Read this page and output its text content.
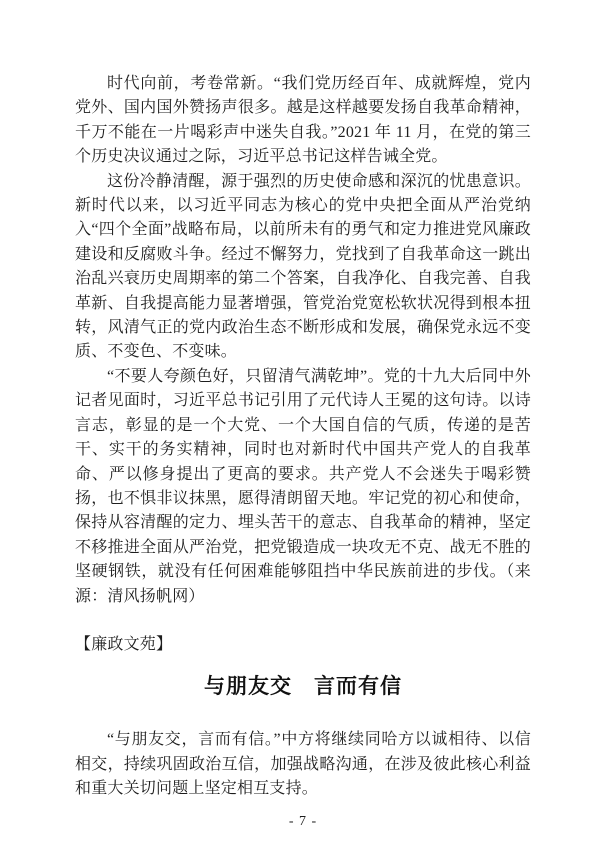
时代向前，考卷常新。“我们党历经百年、成就辉煌，党内党外、国内国外赞扬声很多。越是这样越要发扬自我革命精神，千万不能在一片喝彩声中迷失自我。”2021 年 11 月，在党的第三个历史决议通过之际，习近平总书记这样告诫全党。

这份冷静清醒，源于强烈的历史使命感和深沉的忧患意识。新时代以来，以习近平同志为核心的党中央把全面从严治党纳入“四个全面”战略布局，以前所未有的勇气和定力推进党风廉政建设和反腐败斗争。经过不懈努力，党找到了自我革命这一跳出治乱兴衰历史周期率的第二个答案，自我净化、自我完善、自我革新、自我提高能力显著增强，管党治党宽松软状况得到根本扭转，风清气正的党内政治生态不断形成和发展，确保党永远不变质、不变色、不变味。

“不要人夸颜色好，只留清气满乾坤”。党的十九大后同中外记者见面时，习近平总书记引用了元代诗人王冕的这句诗。以诗言志，彰显的是一个大党、一个大国自信的气质，传递的是苦干、实干的务实精神，同时也对新时代中国共产党人的自我革命、严以修身提出了更高的要求。共产党人不会迷失于喝彩赞扬，也不惧非议抹黑，愿得清朗留天地。牢记党的初心和使命，保持从容清醒的定力、埋头苦干的意志、自我革命的精神，坚定不移推进全面从严治党，把党锻造成一块攻无不克、战无不胜的坚硬钢铁，就没有任何困难能够阻挡中华民族前进的步伐。（来源：清风扬帆网）

【廉政文苑】
与朋友交　言而有信

“与朋友交，言而有信。”中方将继续同哈方以诚相待、以信相交，持续巩固政治互信，加强战略沟通，在涉及彼此核心利益和重大关切问题上坚定相互支持。

- 7 -
